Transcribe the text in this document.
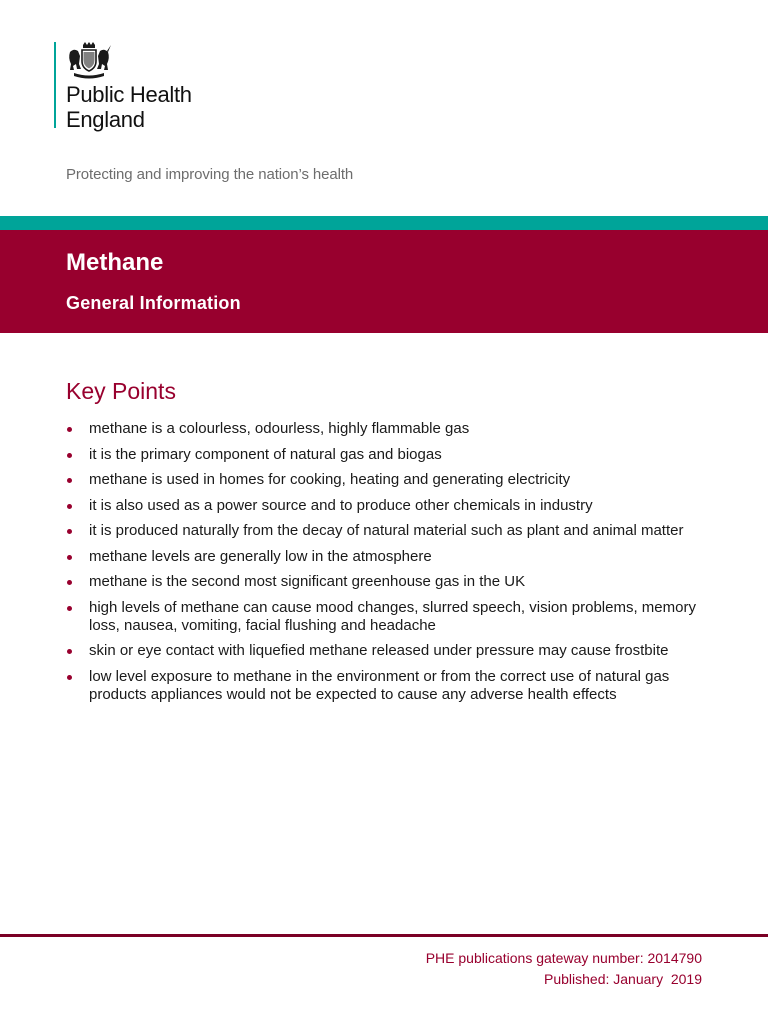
Public Health
England
Protecting and improving the nation’s health
Methane
General Information
Key Points
methane is a colourless, odourless, highly flammable gas
it is the primary component of natural gas and biogas
methane is used in homes for cooking, heating and generating electricity
it is also used as a power source and to produce other chemicals in industry
it is produced naturally from the decay of natural material such as plant and animal matter
methane levels are generally low in the atmosphere
methane is the second most significant greenhouse gas in the UK
high levels of methane can cause mood changes, slurred speech, vision problems, memory loss, nausea, vomiting, facial flushing and headache
skin or eye contact with liquefied methane released under pressure may cause frostbite
low level exposure to methane in the environment or from the correct use of natural gas products appliances would not be expected to cause any adverse health effects
PHE publications gateway number: 2014790
Published: January  2019
